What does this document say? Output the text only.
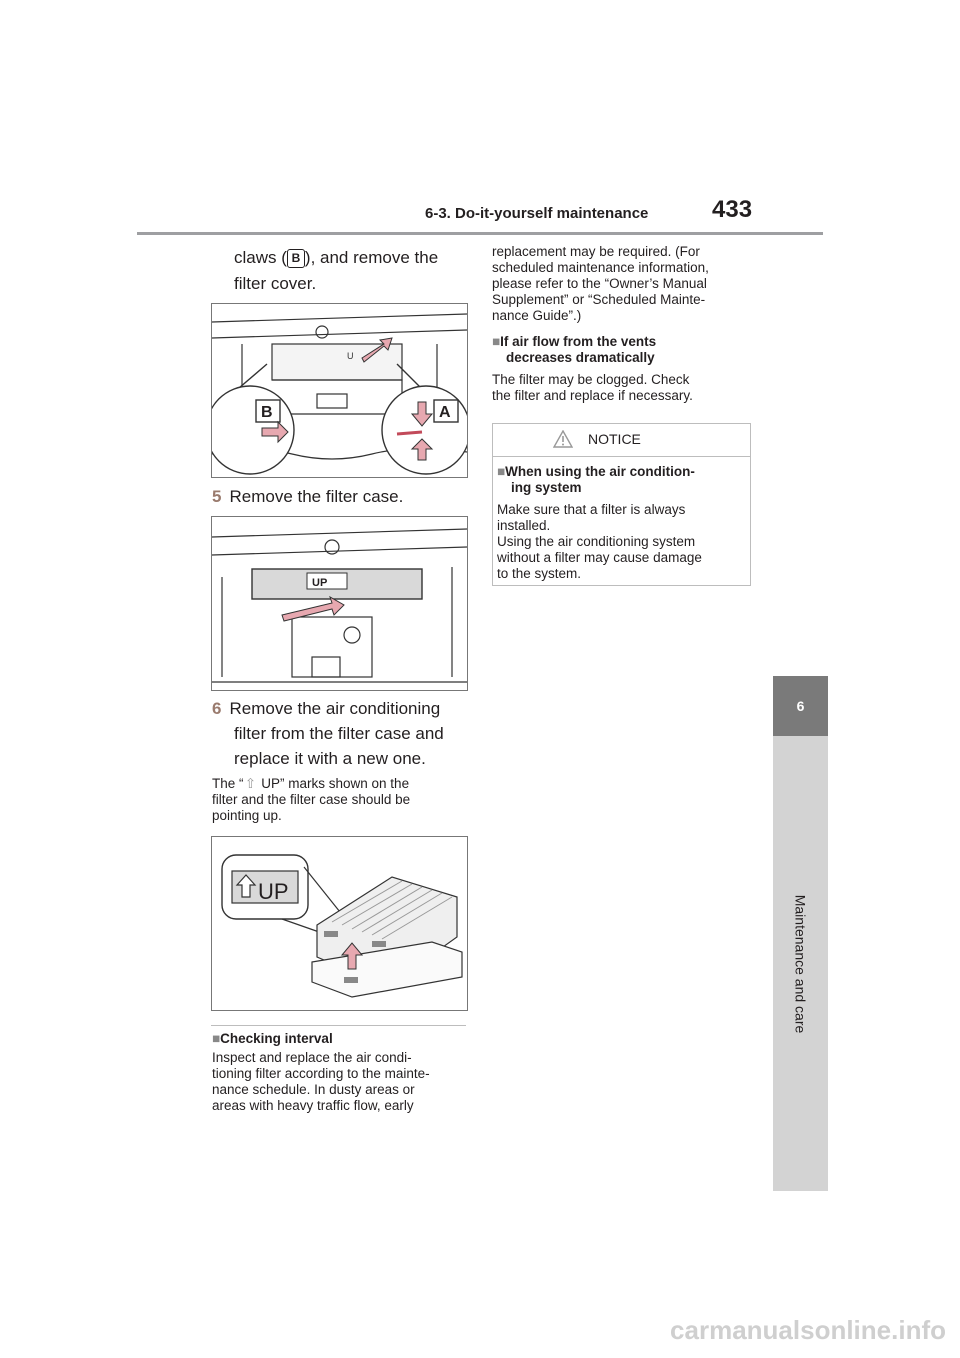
6-3. Do-it-yourself maintenance	433
6
Maintenance and care
claws ( B ), and remove the
filter cover.
U
B	A
5 Remove the filter case.
UP
6 Remove the air conditioning
filter from the filter case and
replace it with a new one.
The “⇧ UP” marks shown on the
filter and the filter case should be
pointing up.
UP
■Checking interval
Inspect and replace the air condi-
tioning filter according to the mainte-
nance schedule. In dusty areas or
areas with heavy traffic flow, early
replacement may be required. (For
scheduled maintenance information,
please refer to the “Owner’s Manual
Supplement” or “Scheduled Mainte-
nance Guide”.)
■If air flow from the vents
decreases dramatically
The filter may be clogged. Check
the filter and replace if necessary.
NOTICE
■When using the air condition-
ing system
Make sure that a filter is always
installed.
Using the air conditioning system
without a filter may cause damage
to the system.
carmanualsonline.info
